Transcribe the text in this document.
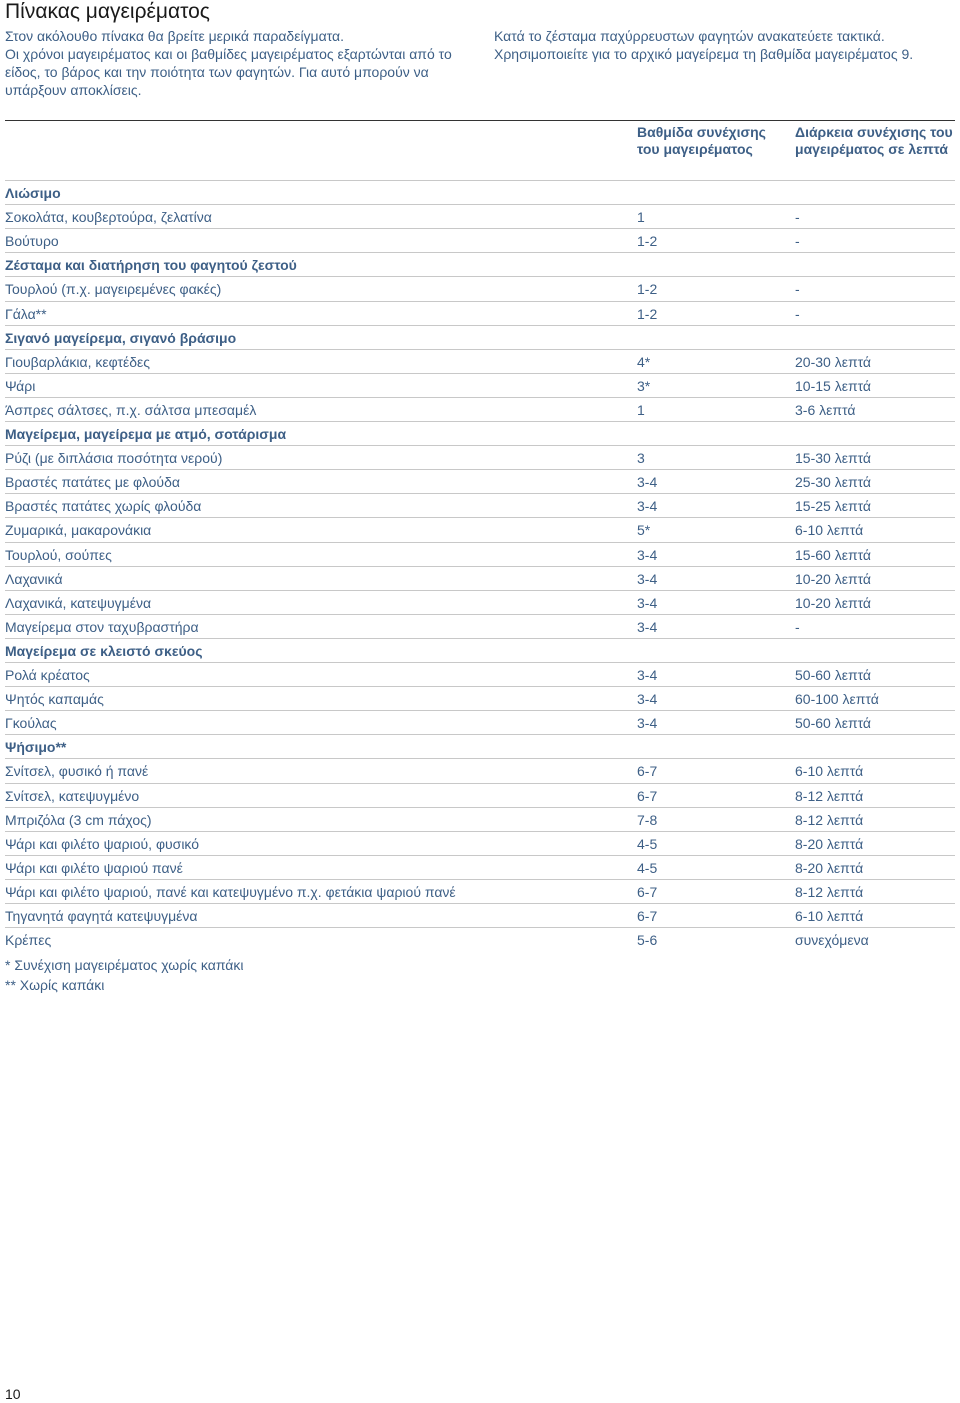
Πίνακας μαγειρέματος

Στον ακόλουθο πίνακα θα βρείτε μερικά παραδείγματα.

Οι χρόνοι μαγειρέματος και οι βαθμίδες μαγειρέματος εξαρτώνται από το είδος, το βάρος και την ποιότητα των φαγητών. Για αυτό μπορούν να υπάρξουν αποκλίσεις.

Κατά το ζέσταμα παχύρρευστων φαγητών ανακατεύετε τακτικά.

Χρησιμοποιείτε για το αρχικό μαγείρεμα τη βαθμίδα μαγειρέματος 9.

Βαθμίδα συνέχισης του μαγειρέματος
Διάρκεια συνέχισης του μαγειρέματος σε λεπτά
Λιώσιμο
Σοκολάτα, κουβερτούρα, ζελατίνα	1	-
Βούτυρο	1-2	-
Ζέσταμα και διατήρηση του φαγητού ζεστού
Τουρλού (π.χ. μαγειρεμένες φακές)	1-2	-
Γάλα**	1-2	-
Σιγανό μαγείρεμα, σιγανό βράσιμο
Γιουβαρλάκια, κεφτέδες	4*	20-30 λεπτά
Ψάρι	3*	10-15 λεπτά
Άσπρες σάλτσες, π.χ. σάλτσα μπεσαμέλ	1	3-6 λεπτά
Μαγείρεμα, μαγείρεμα με ατμό, σοτάρισμα
Ρύζι (με διπλάσια ποσότητα νερού)	3	15-30 λεπτά
Βραστές πατάτες με φλούδα	3-4	25-30 λεπτά
Βραστές πατάτες χωρίς φλούδα	3-4	15-25 λεπτά
Ζυμαρικά, μακαρονάκια	5*	6-10 λεπτά
Τουρλού, σούπες	3-4	15-60 λεπτά
Λαχανικά	3-4	10-20 λεπτά
Λαχανικά, κατεψυγμένα	3-4	10-20 λεπτά
Μαγείρεμα στον ταχυβραστήρα	3-4	-
Μαγείρεμα σε κλειστό σκεύος
Ρολά κρέατος	3-4	50-60 λεπτά
Ψητός καπαμάς	3-4	60-100 λεπτά
Γκούλας	3-4	50-60 λεπτά
Ψήσιμο**
Σνίτσελ, φυσικό ή πανέ	6-7	6-10 λεπτά
Σνίτσελ, κατεψυγμένο	6-7	8-12 λεπτά
Μπριζόλα (3 cm πάχος)	7-8	8-12 λεπτά
Ψάρι και φιλέτο ψαριού, φυσικό	4-5	8-20 λεπτά
Ψάρι και φιλέτο ψαριού πανέ	4-5	8-20 λεπτά
Ψάρι και φιλέτο ψαριού, πανέ και κατεψυγμένο π.χ. φετάκια ψαριού πανέ	6-7	8-12 λεπτά
Τηγανητά φαγητά κατεψυγμένα	6-7	6-10 λεπτά
Κρέπες	5-6	συνεχόμενα

* Συνέχιση μαγειρέματος χωρίς καπάκι

** Χωρίς καπάκι

10
